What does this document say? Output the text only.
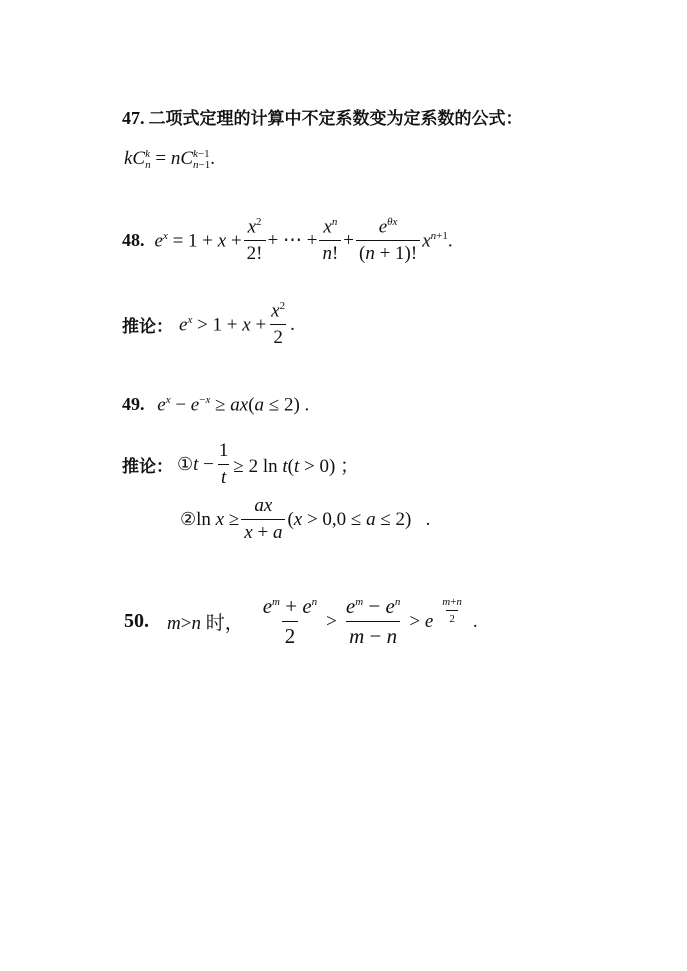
47. 二项式定理的计算中不定系数变为定系数的公式：
kC k
n = nC k−1
n−1 .
48. $e^x = 1 + x + \frac{x^2}{2!}$ + ⋯ + $\frac{x^n}{n!} + \frac{e^{\theta x}}{(n + 1)!} x^{n+1}$.
推论： $e^x > 1 + x + \frac{x^2}{2}$ .
49. $e^x - e^{-x} \ge ax(a \le 2)$ .
推论： ① $t - \frac{1}{t} \ge 2$ ln t(t > 0) ；
② $\ln x \ge \frac{ax}{x + a} (x > 0,0 \le a \le 2)$   .
50. m>n 时， $\frac{e^m + e^n}{2} > \frac{e^m - e^n}{m - n} > e \frac{m+n}{2}$ .
